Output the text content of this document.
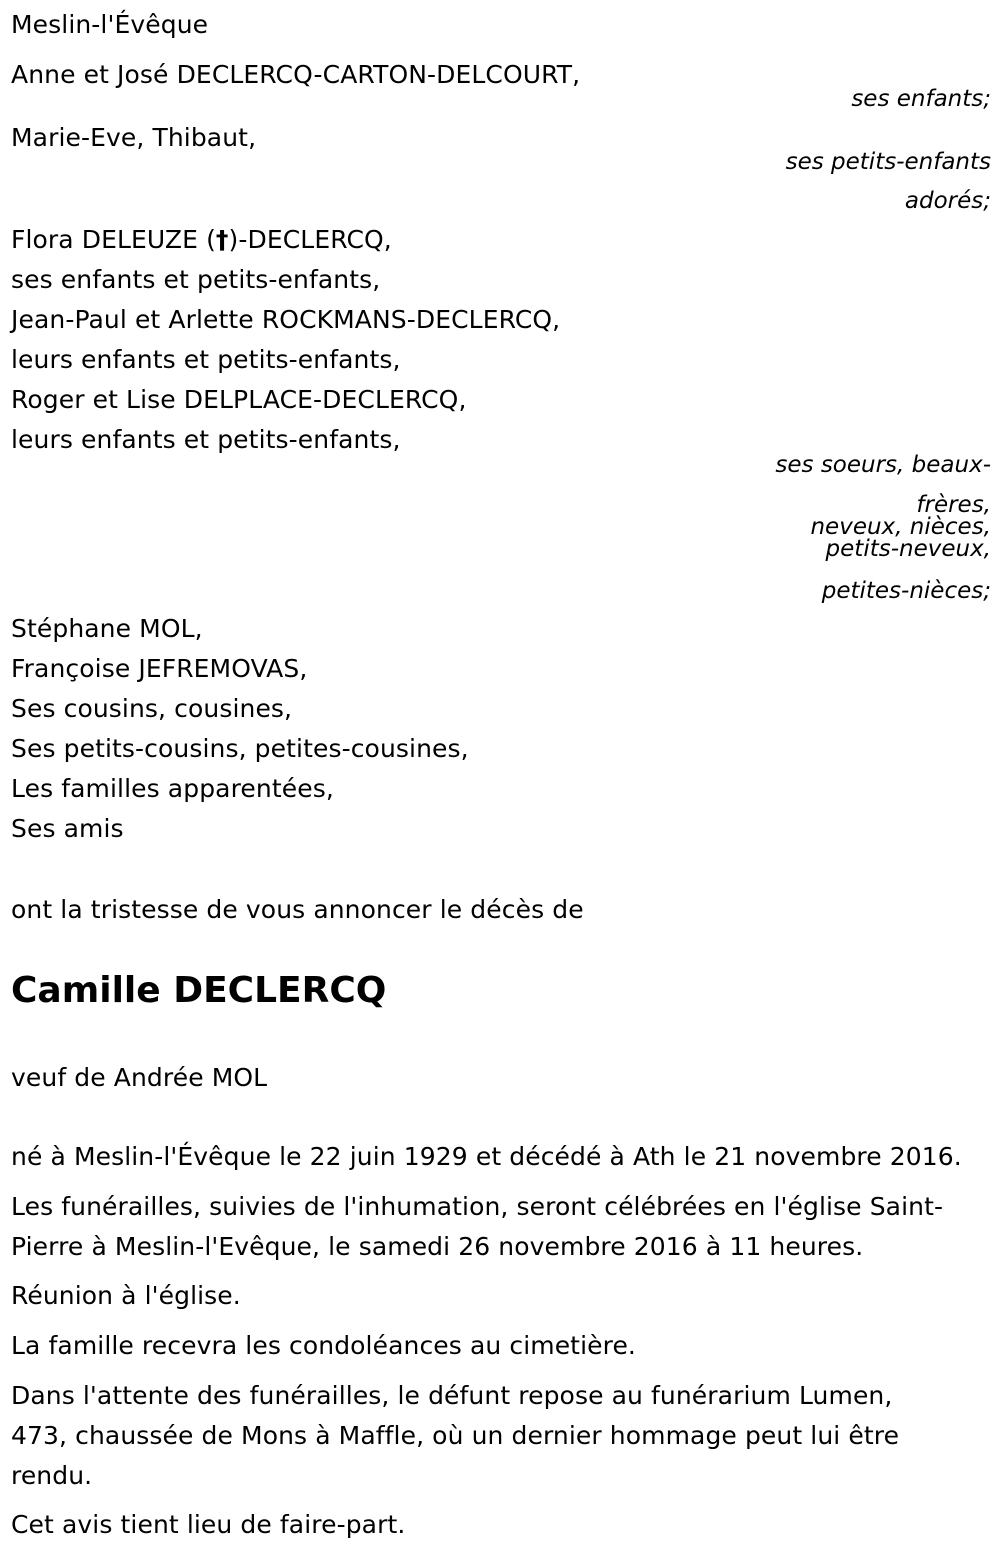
Meslin-l'Évêque
Anne et José DECLERCQ-CARTON-DELCOURT,
ses enfants;
Marie-Eve, Thibaut,
ses petits-enfants
adorés;
Flora DELEUZE (†)-DECLERCQ,
ses enfants et petits-enfants,
Jean-Paul et Arlette ROCKMANS-DECLERCQ,
leurs enfants et petits-enfants,
Roger et Lise DELPLACE-DECLERCQ,
leurs enfants et petits-enfants,
ses soeurs, beaux-
frères,
neveux, nièces,
petits-neveux,
petites-nièces;
Stéphane MOL,
Françoise JEFREMOVAS,
Ses cousins, cousines,
Ses petits-cousins, petites-cousines,
Les familles apparentées,
Ses amis
ont la tristesse de vous annoncer le décès de
Camille DECLERCQ
veuf de Andrée MOL
né à Meslin-l'Évêque le 22 juin 1929 et décédé à Ath le 21 novembre 2016.
Les funérailles, suivies de l'inhumation, seront célébrées en l'église Saint-
Pierre à Meslin-l'Evêque, le samedi 26 novembre 2016 à 11 heures.
Réunion à l'église.
La famille recevra les condoléances au cimetière.
Dans l'attente des funérailles, le défunt repose au funérarium Lumen,
473, chaussée de Mons à Maffle, où un dernier hommage peut lui être
rendu.
Cet avis tient lieu de faire-part.
